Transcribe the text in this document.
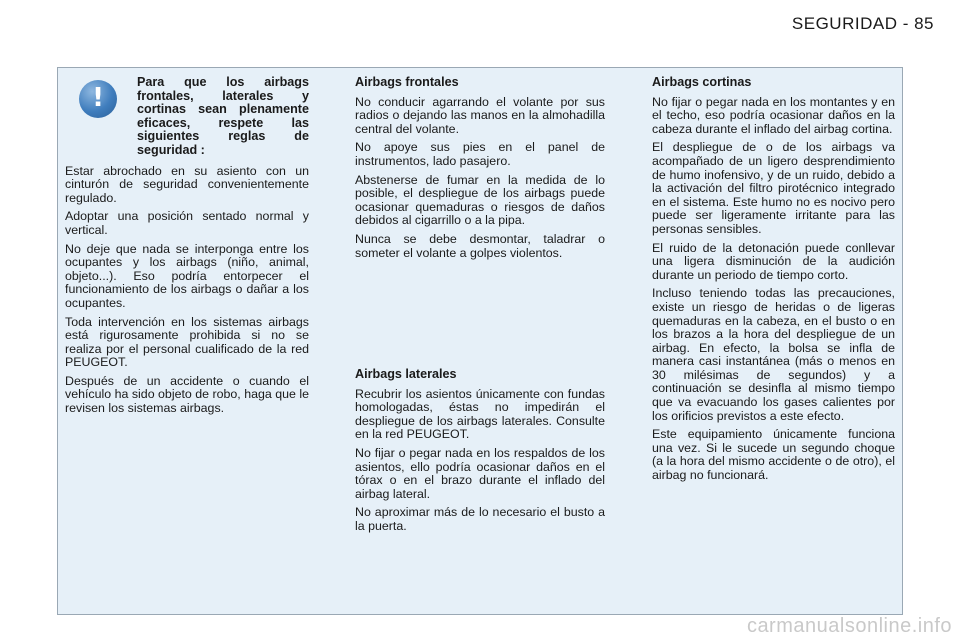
SEGURIDAD - 85
!
Para que los airbags frontales, laterales y cortinas sean plenamente eficaces, respete las siguientes reglas de seguridad :

Estar abrochado en su asiento con un cinturón de seguridad convenientemente regulado.

Adoptar una posición sentado normal y vertical.

No deje que nada se interponga entre los ocupantes y los airbags (niño, animal, objeto...). Eso podría entorpecer el funcionamiento de los airbags o dañar a los ocupantes.

Toda intervención en los sistemas airbags está rigurosamente prohibida si no se realiza por el personal cualificado de la red PEUGEOT.

Después de un accidente o cuando el vehículo ha sido objeto de robo, haga que le revisen los sistemas airbags.

Airbags frontales

No conducir agarrando el volante por sus radios o dejando las manos en la almohadilla central del volante.

No apoye sus pies en el panel de instrumentos, lado pasajero.

Abstenerse de fumar en la medida de lo posible, el despliegue de los airbags puede ocasionar quemaduras o riesgos de daños debidos al cigarrillo o a la pipa.

Nunca se debe desmontar, taladrar o someter el volante a golpes violentos.

Airbags laterales

Recubrir los asientos únicamente con fundas homologadas, éstas no impedirán el despliegue de los airbags laterales. Consulte en la red PEUGEOT.

No fijar o pegar nada en los respaldos de los asientos, ello podría ocasionar daños en el tórax o en el brazo durante el inflado del airbag lateral.

No aproximar más de lo necesario el busto a la puerta.

Airbags cortinas

No fijar o pegar nada en los montantes y en el techo, eso podría ocasionar daños en la cabeza durante el inflado del airbag cortina.

El despliegue de o de los airbags va acompañado de un ligero desprendimiento de humo inofensivo, y de un ruido, debido a la activación del filtro pirotécnico integrado en el sistema. Este humo no es nocivo pero puede ser ligeramente irritante para las personas sensibles.

El ruido de la detonación puede conllevar una ligera disminución de la audición durante un periodo de tiempo corto.

Incluso teniendo todas las precauciones, existe un riesgo de heridas o de ligeras quemaduras en la cabeza, en el busto o en los brazos a la hora del despliegue de un airbag. En efecto, la bolsa se infla de manera casi instantánea (más o menos en 30 milésimas de segundos) y a continuación se desinfla al mismo tiempo que va evacuando los gases calientes por los orificios previstos a este efecto.

Este equipamiento únicamente funciona una vez. Si le sucede un segundo choque (a la hora del mismo accidente o de otro), el airbag no funcionará.

carmanualsonline.info
